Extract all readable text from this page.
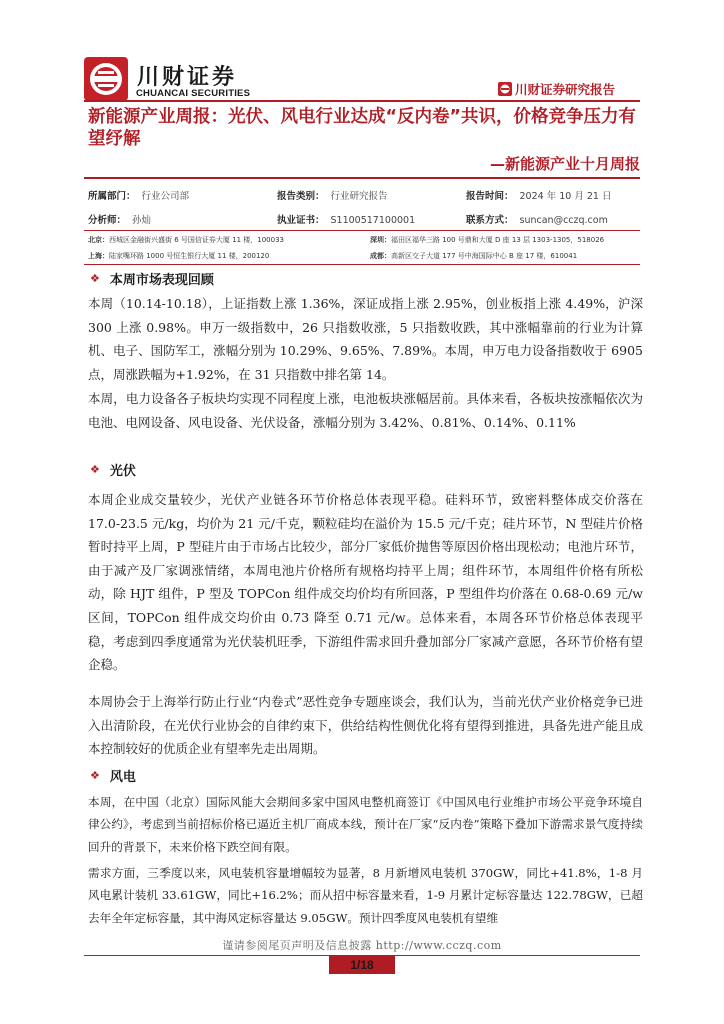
川财证券
CHUANCAI SECURITIES	川财证券研究报告
新能源产业周报：光伏、风电行业达成“反内卷”共识，价格竞争压力有望纾解
—新能源产业十月周报
所属部门： 行业公司部	报告类别： 行业研究报告	报告时间： 2024 年 10 月 21 日
分析师： 孙灿	执业证书： S1100517100001	联系方式： suncan@cczq.com
北京：西城区金融街兴盛街 6 号国信证券大厦 11 楼，100033	深圳：福田区福华三路 100 号鼎和大厦 D 座 13 层 1303-1305，518026
上海：陆家嘴环路 1000 号恒生银行大厦 11 楼，200120	成都：高新区交子大道 177 号中海国际中心 B 座 17 楼，610041
❖ 本周市场表现回顾
本周（10.14-10.18），上证指数上涨 1.36%，深证成指上涨 2.95%，创业板指上涨 4.49%，沪深 300 上涨 0.98%。申万一级指数中，26 只指数收涨，5 只指数收跌，其中涨幅靠前的行业为计算机、电子、国防军工，涨幅分别为 10.29%、9.65%、7.89%。本周，申万电力设备指数收于 6905 点，周涨跌幅为+1.92%，在 31 只指数中排名第 14。
本周，电力设备各子板块均实现不同程度上涨，电池板块涨幅居前。具体来看，各板块按涨幅依次为电池、电网设备、风电设备、光伏设备，涨幅分别为 3.42%、0.81%、0.14%、0.11%
❖ 光伏
本周企业成交量较少，光伏产业链各环节价格总体表现平稳。硅料环节，致密料整体成交价落在 17.0-23.5 元/kg，均价为 21 元/千克，颗粒硅均在溢价为 15.5 元/千克；硅片环节，N 型硅片价格暂时持平上周，P 型硅片由于市场占比较少，部分厂家低价抛售等原因价格出现松动；电池片环节，由于减产及厂家调涨情绪，本周电池片价格所有规格均持平上周；组件环节，本周组件价格有所松动，除 HJT 组件，P 型及 TOPCon 组件成交均价均有所回落，P 型组件均价落在 0.68-0.69 元/w 区间，TOPCon 组件成交均价由 0.73 降至 0.71 元/w。总体来看，本周各环节价格总体表现平稳，考虑到四季度通常为光伏装机旺季，下游组件需求回升叠加部分厂家减产意愿，各环节价格有望企稳。
本周协会于上海举行防止行业“内卷式”恶性竞争专题座谈会，我们认为，当前光伏产业价格竞争已进入出清阶段，在光伏行业协会的自律约束下，供给结构性侧优化将有望得到推进，具备先进产能且成本控制较好的优质企业有望率先走出周期。
❖ 风电
本周，在中国（北京）国际风能大会期间多家中国风电整机商签订《中国风电行业维护市场公平竞争环境自律公约》，考虑到当前招标价格已逼近主机厂商成本线，预计在厂家“反内卷”策略下叠加下游需求景气度持续回升的背景下，未来价格下跌空间有限。
需求方面，三季度以来，风电装机容量增幅较为显著，8 月新增风电装机 370GW，同比+41.8%，1-8 月风电累计装机 33.61GW，同比+16.2%；而从招中标容量来看，1-9 月累计定标容量达 122.78GW，已超去年全年定标容量，其中海风定标容量达 9.05GW。预计四季度风电装机有望维
谨请参阅尾页声明及信息披露 http://www.cczq.com
1/18
